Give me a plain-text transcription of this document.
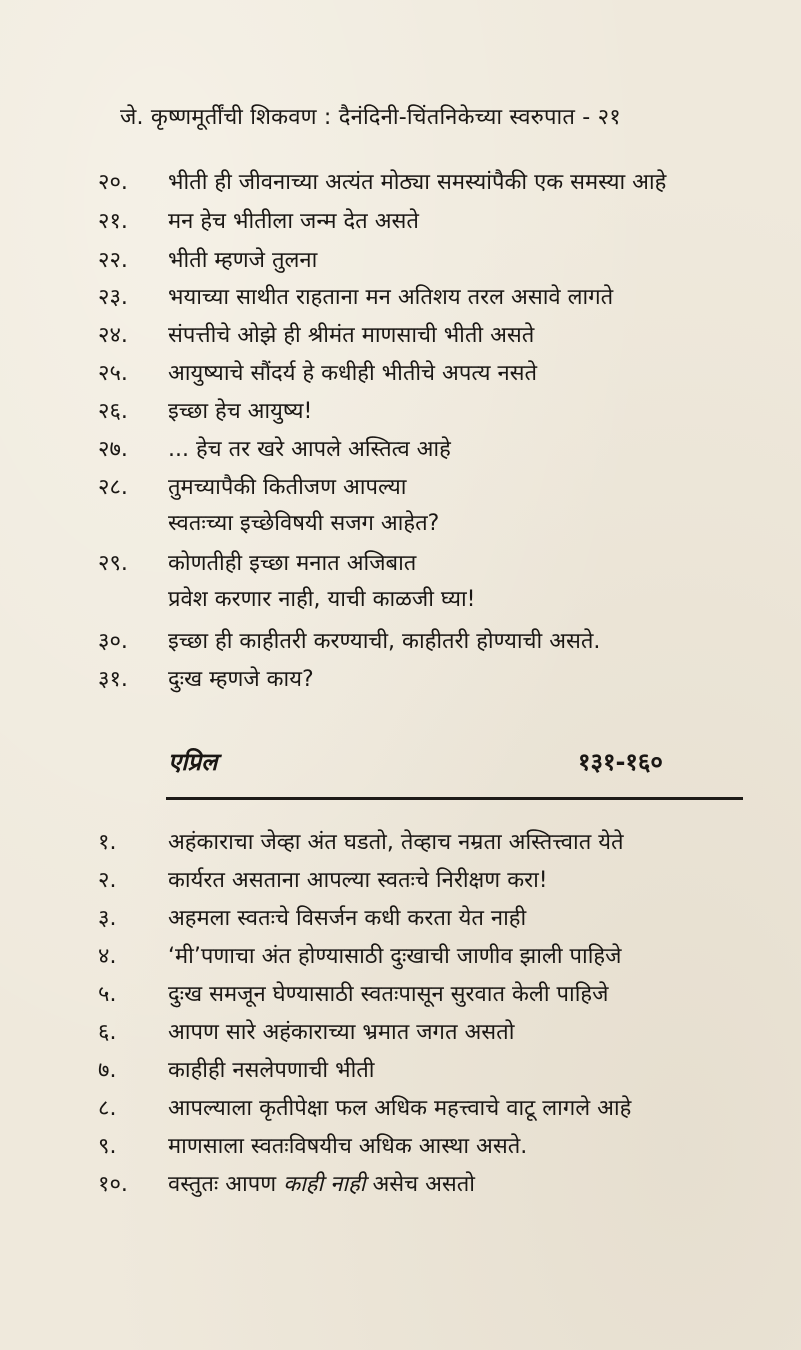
जे. कृष्णमूर्तींची शिकवण : दैनंदिनी-चिंतनिकेच्या स्वरुपात - २१
२०.	भीती ही जीवनाच्या अत्यंत मोठ्या समस्यांपैकी एक समस्या आहे
२१.	मन हेच भीतीला जन्म देत असते
२२.	भीती म्हणजे तुलना
२३.	भयाच्या साथीत राहताना मन अतिशय तरल असावे लागते
२४.	संपत्तीचे ओझे ही श्रीमंत माणसाची भीती असते
२५.	आयुष्याचे सौंदर्य हे कधीही भीतीचे अपत्य नसते
२६.	इच्छा हेच आयुष्य!
२७.	... हेच तर खरे आपले अस्तित्व आहे
२८.	तुमच्यापैकी कितीजण आपल्या
स्वतःच्या इच्छेविषयी सजग आहेत?
२९.	कोणतीही इच्छा मनात अजिबात
प्रवेश करणार नाही, याची काळजी घ्या!
३०.	इच्छा ही काहीतरी करण्याची, काहीतरी होण्याची असते.
३१.	दुःख म्हणजे काय?
एप्रिल	१३१-१६०
१.	अहंकाराचा जेव्हा अंत घडतो, तेव्हाच नम्रता अस्तित्त्वात येते
२.	कार्यरत असताना आपल्या स्वतःचे निरीक्षण करा!
३.	अहमला स्वतःचे विसर्जन कधी करता येत नाही
४.	‘मी’पणाचा अंत होण्यासाठी दुःखाची जाणीव झाली पाहिजे
५.	दुःख समजून घेण्यासाठी स्वतःपासून सुरवात केली पाहिजे
६.	आपण सारे अहंकाराच्या भ्रमात जगत असतो
७.	काहीही नसलेपणाची भीती
८.	आपल्याला कृतीपेक्षा फल अधिक महत्त्वाचे वाटू लागले आहे
९.	माणसाला स्वतःविषयीच अधिक आस्था असते.
१०.	वस्तुतः आपण काही नाही असेच असतो
